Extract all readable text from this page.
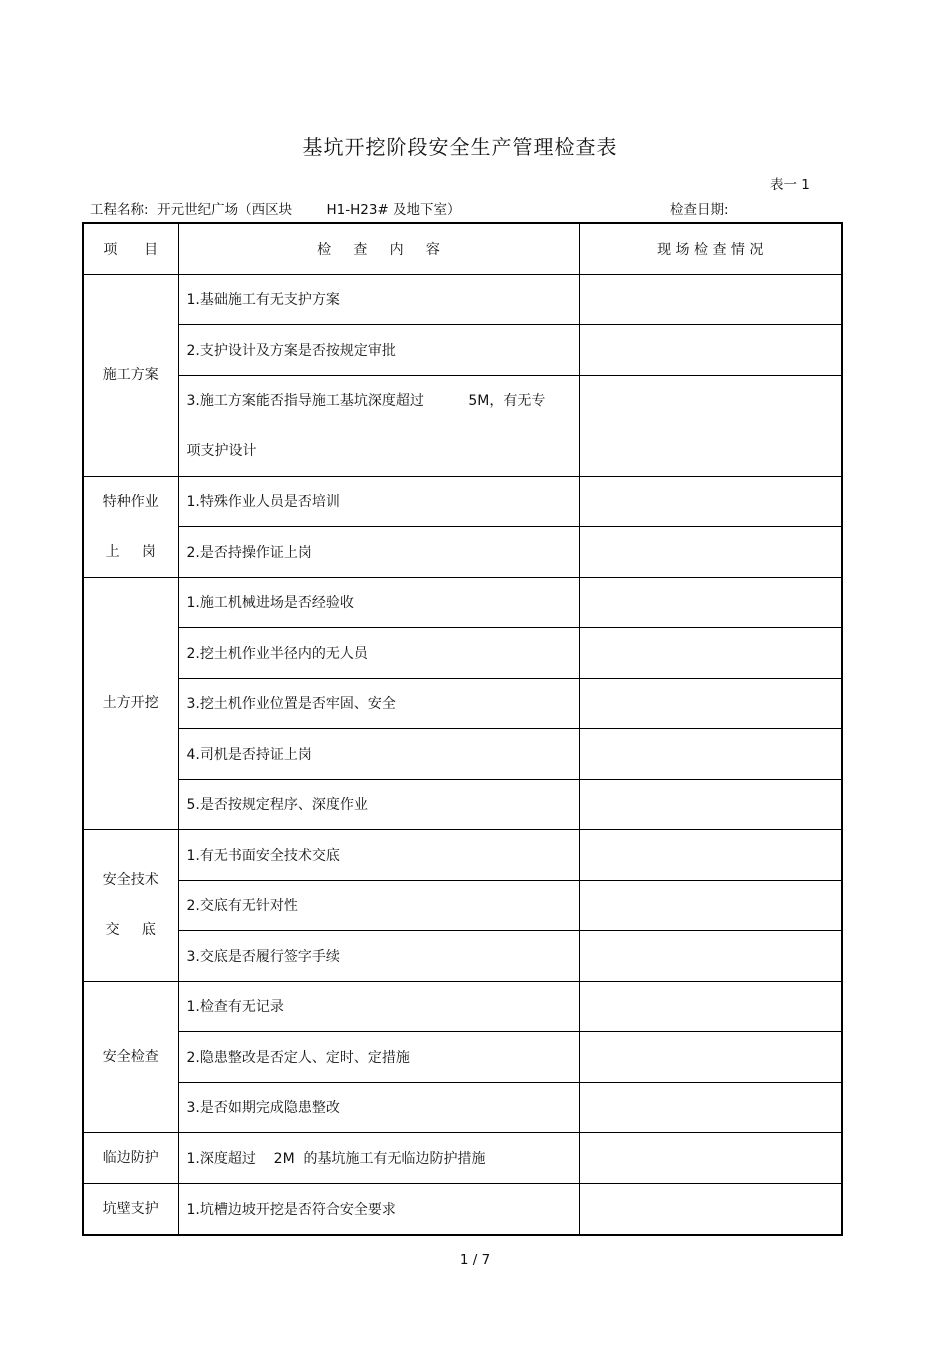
基坑开挖阶段安全生产管理检查表
表一 1
工程名称:  开元世纪广场（西区块        H1-H23# 及地下室）	检查日期:
项      目	检     查     内     容	现 场 检 查 情 况
施工方案	1.基础施工有无支护方案	
	2.支护设计及方案是否按规定审批	

	3.施工方案能否指导施工基坑深度超过          5M，有无专
项支护设计	

特种作业
上     岗	1.特殊作业人员是否培训	
	2.是否持操作证上岗	
土方开挖	1.施工机械进场是否经验收	
	2.挖土机作业半径内的无人员	
	3.挖土机作业位置是否牢固、安全	
	4.司机是否持证上岗	
	5.是否按规定程序、深度作业	

安全技术
交     底	1.有无书面安全技术交底	
	2.交底有无针对性	
	3.交底是否履行签字手续	
安全检查	1.检查有无记录	
	2.隐患整改是否定人、定时、定措施	
	3.是否如期完成隐患整改	
临边防护	1.深度超过    2M  的基坑施工有无临边防护措施	
坑壁支护	1.坑槽边坡开挖是否符合安全要求	
1 / 7
